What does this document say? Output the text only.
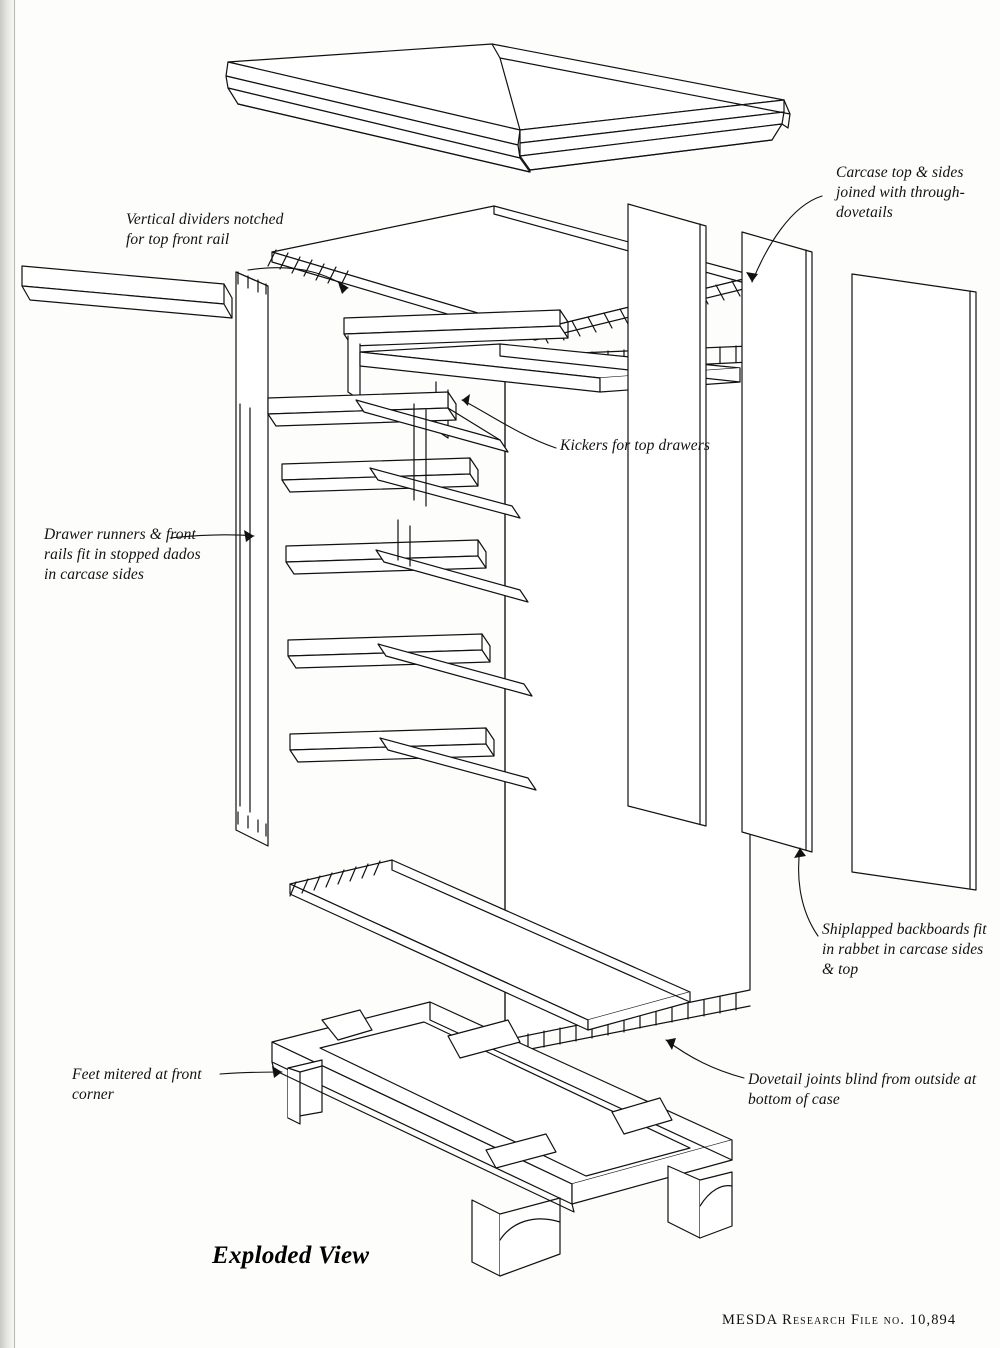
Vertical dividers notched for top front rail
Carcase top & sides joined with through-dovetails
Kickers for top drawers
Drawer runners & front rails fit in stopped dados in carcase sides
Shiplapped backboards fit in rabbet in carcase sides & top
Feet mitered at front corner
Dovetail joints blind from outside at bottom of case
Exploded View
MESDA Research File no. 10,894
